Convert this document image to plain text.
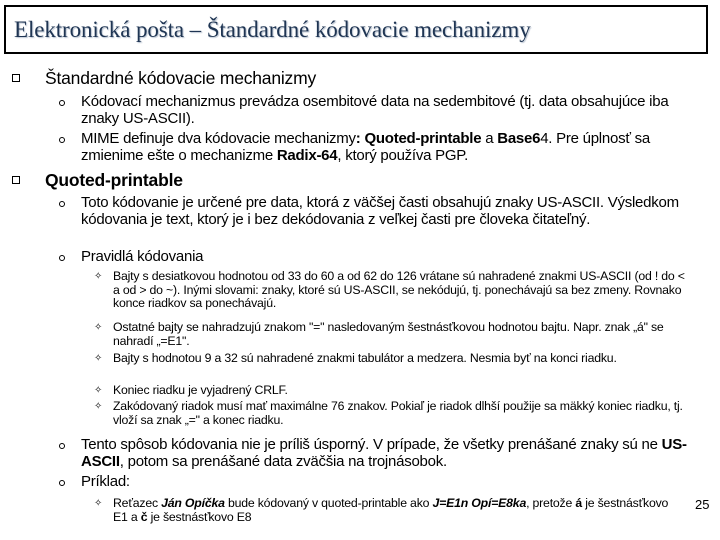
Elektronická pošta – Štandardné kódovacie mechanizmy
Štandardné kódovacie mechanizmy
Kódovací mechanizmus prevádza osembitové data na sedembitové (tj. data obsahujúce iba znaky US-ASCII).
MIME definuje dva kódovacie mechanizmy: Quoted-printable a Base64. Pre úplnosť sa zmienime ešte o mechanizme Radix-64, ktorý používa PGP.
Quoted-printable
Toto kódovanie je určené pre data, ktorá z väčšej časti obsahujú znaky US-ASCII. Výsledkom kódovania je text, ktorý je i bez dekódovania z veľkej časti pre človeka čitateľný.
Pravidlá kódovania
✧ Bajty s desiatkovou hodnotou od 33 do 60 a od 62 do 126 vrátane sú nahradené znakmi US-ASCII (od ! do < a od > do ~). Inými slovami: znaky, ktoré sú US-ASCII, se nekódujú, tj. ponechávajú sa bez zmeny. Rovnako konce riadkov sa ponechávajú.
✧ Ostatné bajty se nahradzujú znakom "=" nasledovaným šestnásťkovou hodnotou bajtu. Napr. znak „á" se nahradí „=E1".
✧ Bajty s hodnotou 9 a 32 sú nahradené znakmi tabulátor a medzera. Nesmia byť na konci riadku.
✧ Koniec riadku je vyjadrený CRLF.
✧ Zakódovaný riadok musí mať maximálne 76 znakov. Pokiaľ je riadok dlhší použije sa mäkký koniec riadku, tj. vloží sa znak „=" a konec riadku.
Tento spôsob kódovania nie je príliš úsporný. V prípade, že všetky prenášané znaky sú ne US-ASCII, potom sa prenášané data zväčšia na trojnásobok.
Príklad:
✧ Reťazec Ján Opíčka bude kódovaný v quoted-printable ako J=E1n Opí=E8ka, pretože á je šestnásťkovo E1 a č je šestnásťkovo E8
25
